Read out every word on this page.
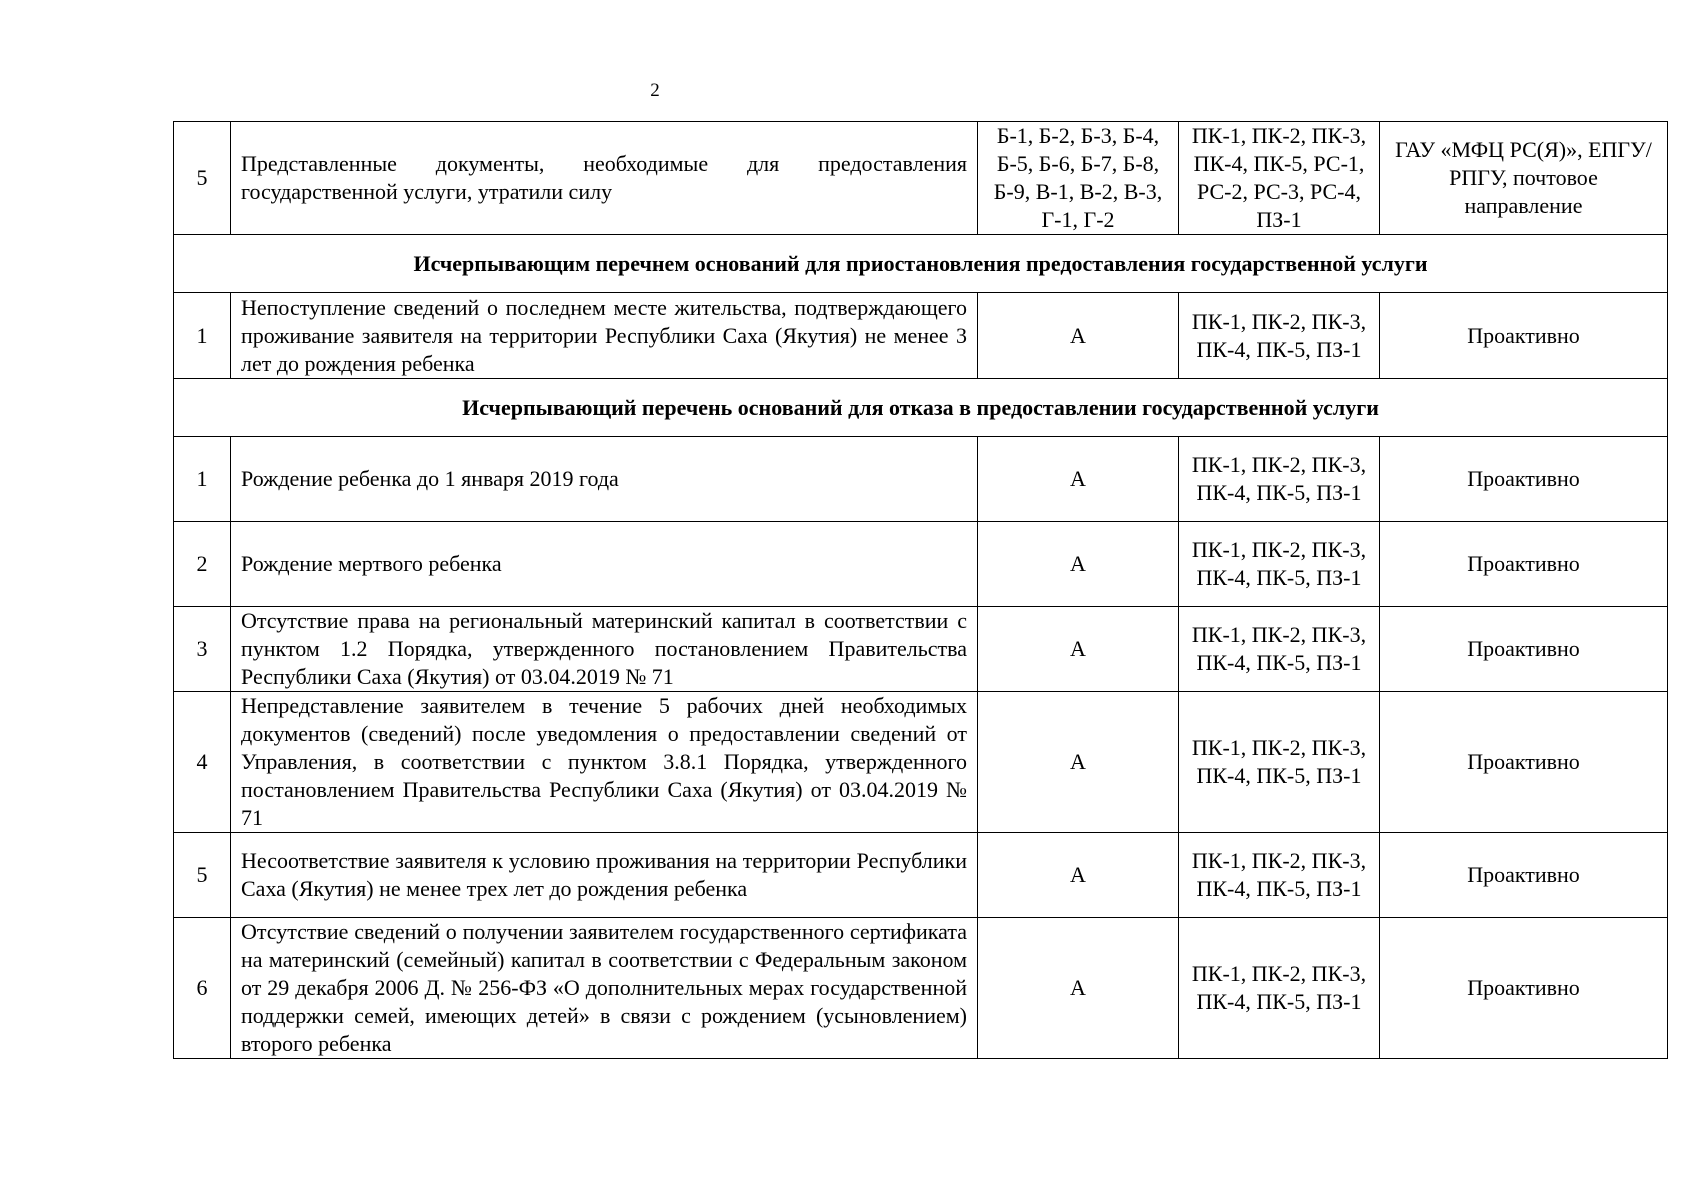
2
5	Представленные документы, необходимые для предоставления государственной услуги, утратили силу	Б-1, Б-2, Б-3, Б-4, Б-5, Б-6, Б-7, Б-8, Б-9, В-1, В-2, В-3, Г-1, Г-2	ПК-1, ПК-2, ПК-3, ПК-4, ПК-5, РС-1, РС-2, РС-3, РС-4, ПЗ-1	ГАУ «МФЦ РС(Я)», ЕПГУ/РПГУ, почтовое направление
Исчерпывающим перечнем оснований для приостановления предоставления государственной услуги				
1	Непоступление сведений о последнем месте жительства, подтверждающего проживание заявителя на территории Республики Саха (Якутия) не менее 3 лет до рождения ребенка	А	ПК-1, ПК-2, ПК-3, ПК-4, ПК-5, ПЗ-1	Проактивно
Исчерпывающий перечень оснований для отказа в предоставлении государственной услуги				
1	Рождение ребенка до 1 января 2019 года	А	ПК-1, ПК-2, ПК-3, ПК-4, ПК-5, ПЗ-1	Проактивно
2	Рождение мертвого ребенка	А	ПК-1, ПК-2, ПК-3, ПК-4, ПК-5, ПЗ-1	Проактивно
3	Отсутствие права на региональный материнский капитал в соответствии с пунктом 1.2 Порядка, утвержденного постановлением Правительства Республики Саха (Якутия) от 03.04.2019 № 71	А	ПК-1, ПК-2, ПК-3, ПК-4, ПК-5, ПЗ-1	Проактивно
4	Непредставление заявителем в течение 5 рабочих дней необходимых документов (сведений) после уведомления о предоставлении сведений от Управления, в соответствии с пунктом 3.8.1 Порядка, утвержденного постановлением Правительства Республики Саха (Якутия) от 03.04.2019 № 71	А	ПК-1, ПК-2, ПК-3, ПК-4, ПК-5, ПЗ-1	Проактивно
5	Несоответствие заявителя к условию проживания на территории Республики Саха (Якутия) не менее трех лет до рождения ребенка	А	ПК-1, ПК-2, ПК-3, ПК-4, ПК-5, ПЗ-1	Проактивно
6	Отсутствие сведений о получении заявителем государственного сертификата на материнский (семейный) капитал в соответствии с Федеральным законом от 29 декабря 2006 Д. № 256-ФЗ «О дополнительных мерах государственной поддержки семей, имеющих детей» в связи с рождением (усыновлением) второго ребенка	А	ПК-1, ПК-2, ПК-3, ПК-4, ПК-5, ПЗ-1	Проактивно
